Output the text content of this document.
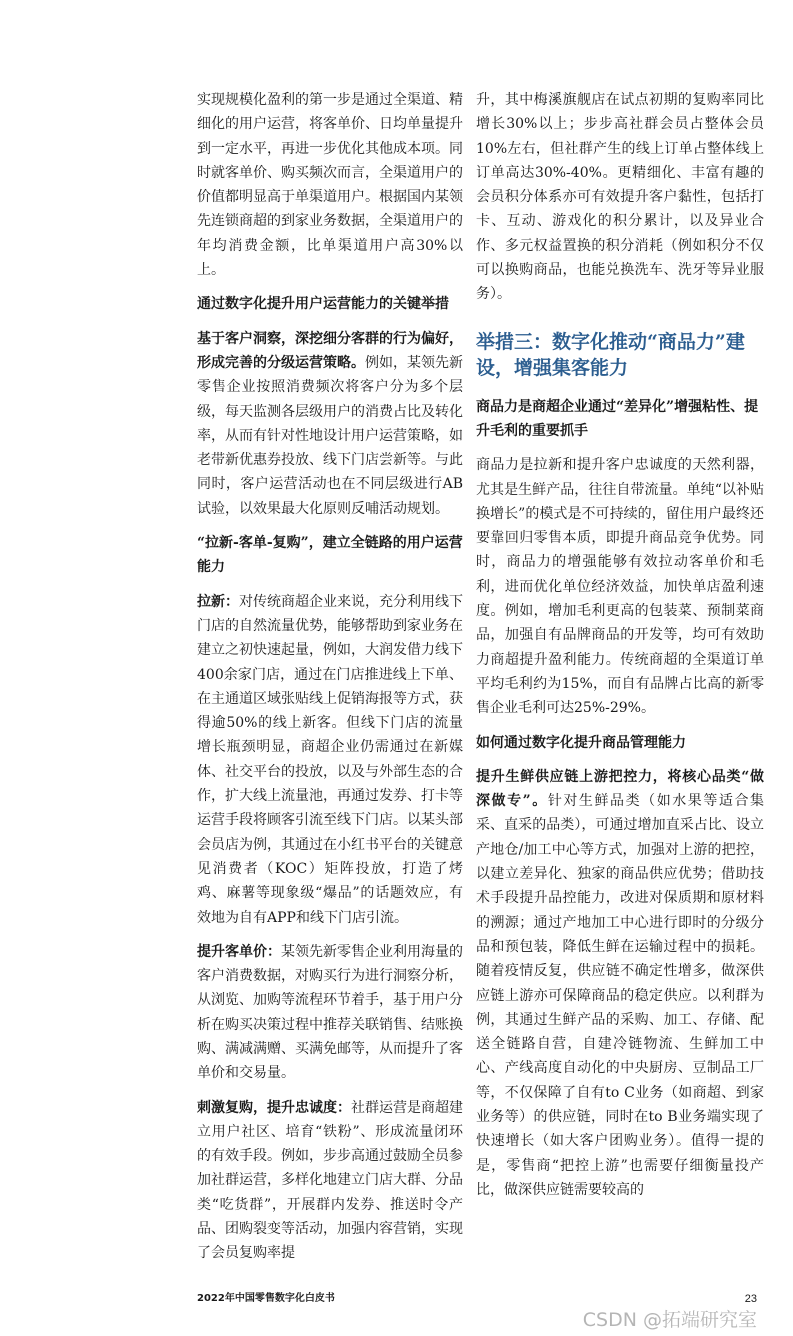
实现规模化盈利的第一步是通过全渠道、精细化的用户运营，将客单价、日均单量提升到一定水平，再进一步优化其他成本项。同时就客单价、购买频次而言，全渠道用户的价值都明显高于单渠道用户。根据国内某领先连锁商超的到家业务数据，全渠道用户的年均消费金额，比单渠道用户高30%以上。

通过数字化提升用户运营能力的关键举措

基于客户洞察，深挖细分客群的行为偏好，形成完善的分级运营策略。例如，某领先新零售企业按照消费频次将客户分为多个层级，每天监测各层级用户的消费占比及转化率，从而有针对性地设计用户运营策略，如老带新优惠券投放、线下门店尝新等。与此同时，客户运营活动也在不同层级进行AB试验，以效果最大化原则反哺活动规划。

“拉新-客单-复购”，建立全链路的用户运营能力

拉新：对传统商超企业来说，充分利用线下门店的自然流量优势，能够帮助到家业务在建立之初快速起量，例如，大润发借力线下400余家门店，通过在门店推进线上下单、在主通道区域张贴线上促销海报等方式，获得逾50%的线上新客。但线下门店的流量增长瓶颈明显，商超企业仍需通过在新媒体、社交平台的投放，以及与外部生态的合作，扩大线上流量池，再通过发券、打卡等运营手段将顾客引流至线下门店。以某头部会员店为例，其通过在小红书平台的关键意见消费者（KOC）矩阵投放，打造了烤鸡、麻薯等现象级“爆品”的话题效应，有效地为自有APP和线下门店引流。

提升客单价：某领先新零售企业利用海量的客户消费数据，对购买行为进行洞察分析，从浏览、加购等流程环节着手，基于用户分析在购买决策过程中推荐关联销售、结账换购、满减满赠、买满免邮等，从而提升了客单价和交易量。

刺激复购，提升忠诚度：社群运营是商超建立用户社区、培育“铁粉”、形成流量闭环的有效手段。例如，步步高通过鼓励全员参加社群运营，多样化地建立门店大群、分品类“吃货群”，开展群内发券、推送时令产品、团购裂变等活动，加强内容营销，实现了会员复购率提

升，其中梅溪旗舰店在试点初期的复购率同比增长30%以上；步步高社群会员占整体会员10%左右，但社群产生的线上订单占整体线上订单高达30%-40%。更精细化、丰富有趣的会员积分体系亦可有效提升客户黏性，包括打卡、互动、游戏化的积分累计，以及异业合作、多元权益置换的积分消耗（例如积分不仅可以换购商品，也能兑换洗车、洗牙等异业服务）。

举措三：数字化推动“商品力”建设，增强集客能力
商品力是商超企业通过“差异化”增强粘性、提升毛利的重要抓手

商品力是拉新和提升客户忠诚度的天然利器，尤其是生鲜产品，往往自带流量。单纯“以补贴换增长”的模式是不可持续的，留住用户最终还要靠回归零售本质，即提升商品竞争优势。同时，商品力的增强能够有效拉动客单价和毛利，进而优化单位经济效益，加快单店盈利速度。例如，增加毛利更高的包装菜、预制菜商品，加强自有品牌商品的开发等，均可有效助力商超提升盈利能力。传统商超的全渠道订单平均毛利约为15%，而自有品牌占比高的新零售企业毛利可达25%-29%。

如何通过数字化提升商品管理能力

提升生鲜供应链上游把控力，将核心品类“做深做专”。针对生鲜品类（如水果等适合集采、直采的品类），可通过增加直采占比、设立产地仓/加工中心等方式，加强对上游的把控，以建立差异化、独家的商品供应优势；借助技术手段提升品控能力，改进对保质期和原材料的溯源；通过产地加工中心进行即时的分级分品和预包装，降低生鲜在运输过程中的损耗。随着疫情反复，供应链不确定性增多，做深供应链上游亦可保障商品的稳定供应。以利群为例，其通过生鲜产品的采购、加工、存储、配送全链路自营，自建冷链物流、生鲜加工中心、产线高度自动化的中央厨房、豆制品工厂等，不仅保障了自有to C业务（如商超、到家业务等）的供应链，同时在to B业务端实现了快速增长（如大客户团购业务）。值得一提的是，零售商“把控上游”也需要仔细衡量投产比，做深供应链需要较高的

2022年中国零售数字化白皮书	23
CSDN @拓端研究室
